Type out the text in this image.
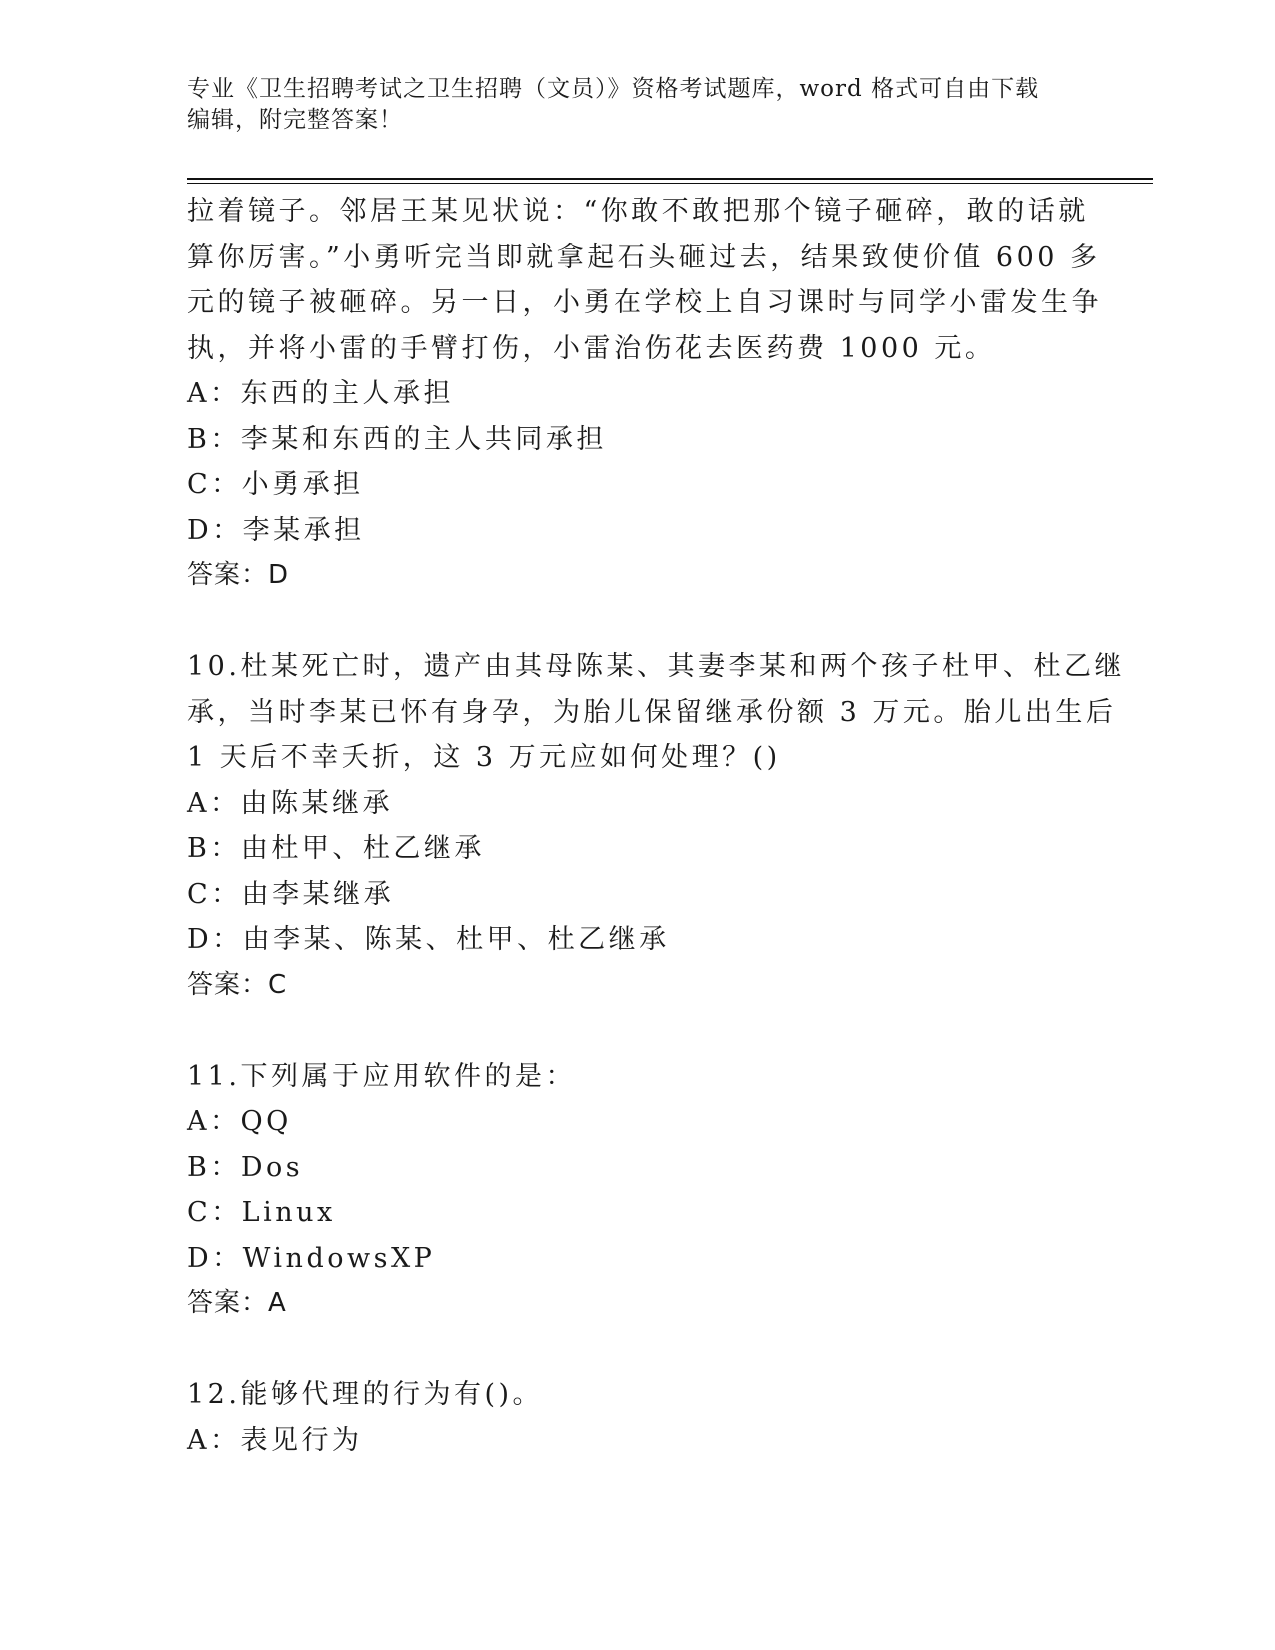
专业《卫生招聘考试之卫生招聘（文员）》资格考试题库，word 格式可自由下载
编辑，附完整答案！
拉着镜子。邻居王某见状说：“你敢不敢把那个镜子砸碎，敢的话就
算你厉害。”小勇听完当即就拿起石头砸过去，结果致使价值 600 多
元的镜子被砸碎。另一日，小勇在学校上自习课时与同学小雷发生争
执，并将小雷的手臂打伤，小雷治伤花去医药费 1000 元。
A：东西的主人承担
B：李某和东西的主人共同承担
C：小勇承担
D：李某承担
答案：D
10.杜某死亡时，遗产由其母陈某、其妻李某和两个孩子杜甲、杜乙继
承，当时李某已怀有身孕，为胎儿保留继承份额 3 万元。胎儿出生后
1 天后不幸夭折，这 3 万元应如何处理？()
A：由陈某继承
B：由杜甲、杜乙继承
C：由李某继承
D：由李某、陈某、杜甲、杜乙继承
答案：C
11.下列属于应用软件的是：
A：QQ
B：Dos
C：Linux
D：WindowsXP
答案：A
12.能够代理的行为有()。
A：表见行为
